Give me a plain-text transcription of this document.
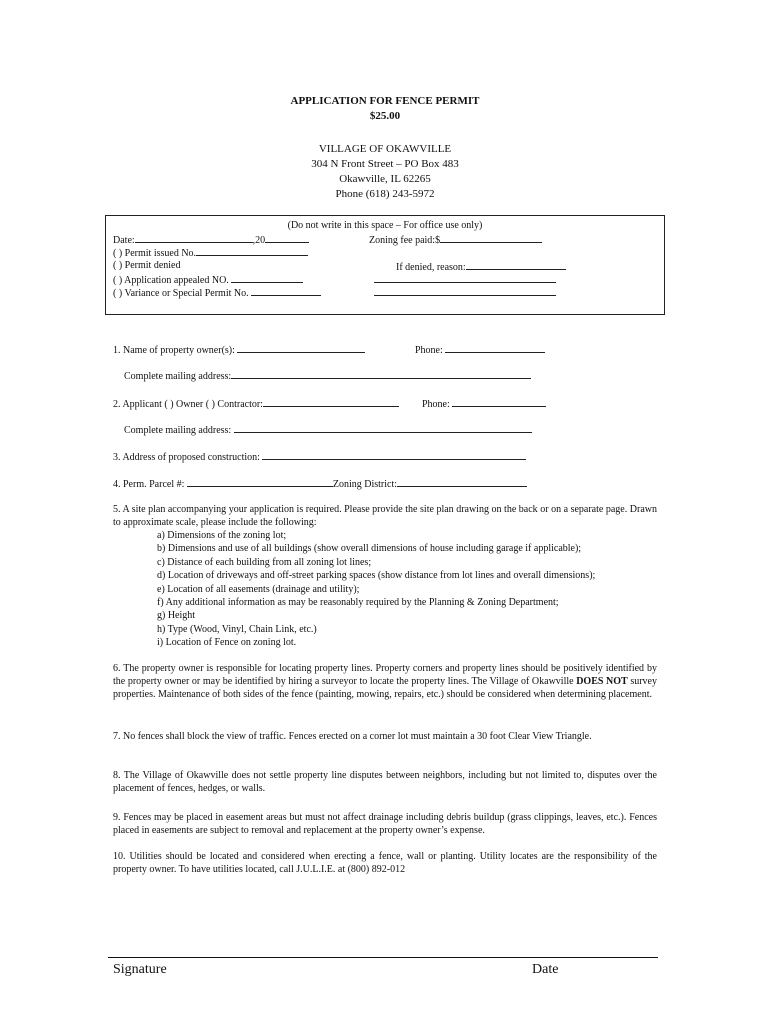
APPLICATION FOR FENCE PERMIT
$25.00
VILLAGE OF OKAWVILLE
304 N Front Street – PO Box 483
Okawville, IL 62265
Phone (618) 243-5972
(Do not write in this space – For office use only)
Date:	,20	Zoning fee paid:$
( ) Permit issued No.
( ) Permit denied	If denied, reason:
( ) Application appealed NO.
( ) Variance or Special Permit No.
1. Name of property owner(s):	Phone:
Complete mailing address:
2. Applicant ( ) Owner ( ) Contractor:	Phone:
Complete mailing address:
3. Address of proposed construction:
4. Perm. Parcel #:	Zoning District:
5. A site plan accompanying your application is required. Please provide the site plan drawing on the back or on a separate page. Drawn to approximate scale, please include the following:
a) Dimensions of the zoning lot;
b) Dimensions and use of all buildings (show overall dimensions of house including garage if applicable);
c) Distance of each building from all zoning lot lines;
d) Location of driveways and off-street parking spaces (show distance from lot lines and overall dimensions);
e) Location of all easements (drainage and utility);
f) Any additional information as may be reasonably required by the Planning & Zoning Department;
g) Height
h) Type (Wood, Vinyl, Chain Link, etc.)
i) Location of Fence on zoning lot.
6. The property owner is responsible for locating property lines. Property corners and property lines should be positively identified by the property owner or may be identified by hiring a surveyor to locate the property lines. The Village of Okawville DOES NOT survey properties. Maintenance of both sides of the fence (painting, mowing, repairs, etc.) should be considered when determining placement.
7. No fences shall block the view of traffic. Fences erected on a corner lot must maintain a 30 foot Clear View Triangle.
8. The Village of Okawville does not settle property line disputes between neighbors, including but not limited to, disputes over the placement of fences, hedges, or walls.
9. Fences may be placed in easement areas but must not affect drainage including debris buildup (grass clippings, leaves, etc.). Fences placed in easements are subject to removal and replacement at the property owner’s expense.
10. Utilities should be located and considered when erecting a fence, wall or planting. Utility locates are the responsibility of the property owner. To have utilities located, call J.U.L.I.E. at (800) 892-012
Signature	Date
